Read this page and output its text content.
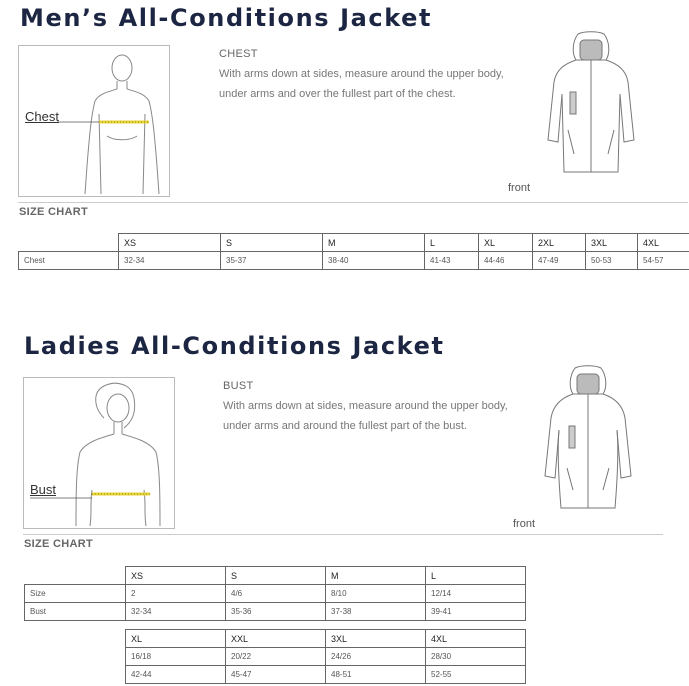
Men’s All-Conditions Jacket
Chest
CHEST
With arms down at sides, measure around the upper body,
under arms and over the fullest part of the chest.
front
SIZE CHART
	XS	S	M	L	XL	2XL	3XL	4XL
Chest	32-34	35-37	38-40	41-43	44-46	47-49	50-53	54-57
Ladies All-Conditions Jacket
Bust
BUST
With arms down at sides, measure around the upper body,
under arms and around the fullest part of the bust.
front
SIZE CHART
	XS	S	M	L
Size	2	4/6	8/10	12/14
Bust	32-34	35-36	37-38	39-41
XL	XXL	3XL	4XL
16/18	20/22	24/26	28/30
42-44	45-47	48-51	52-55
